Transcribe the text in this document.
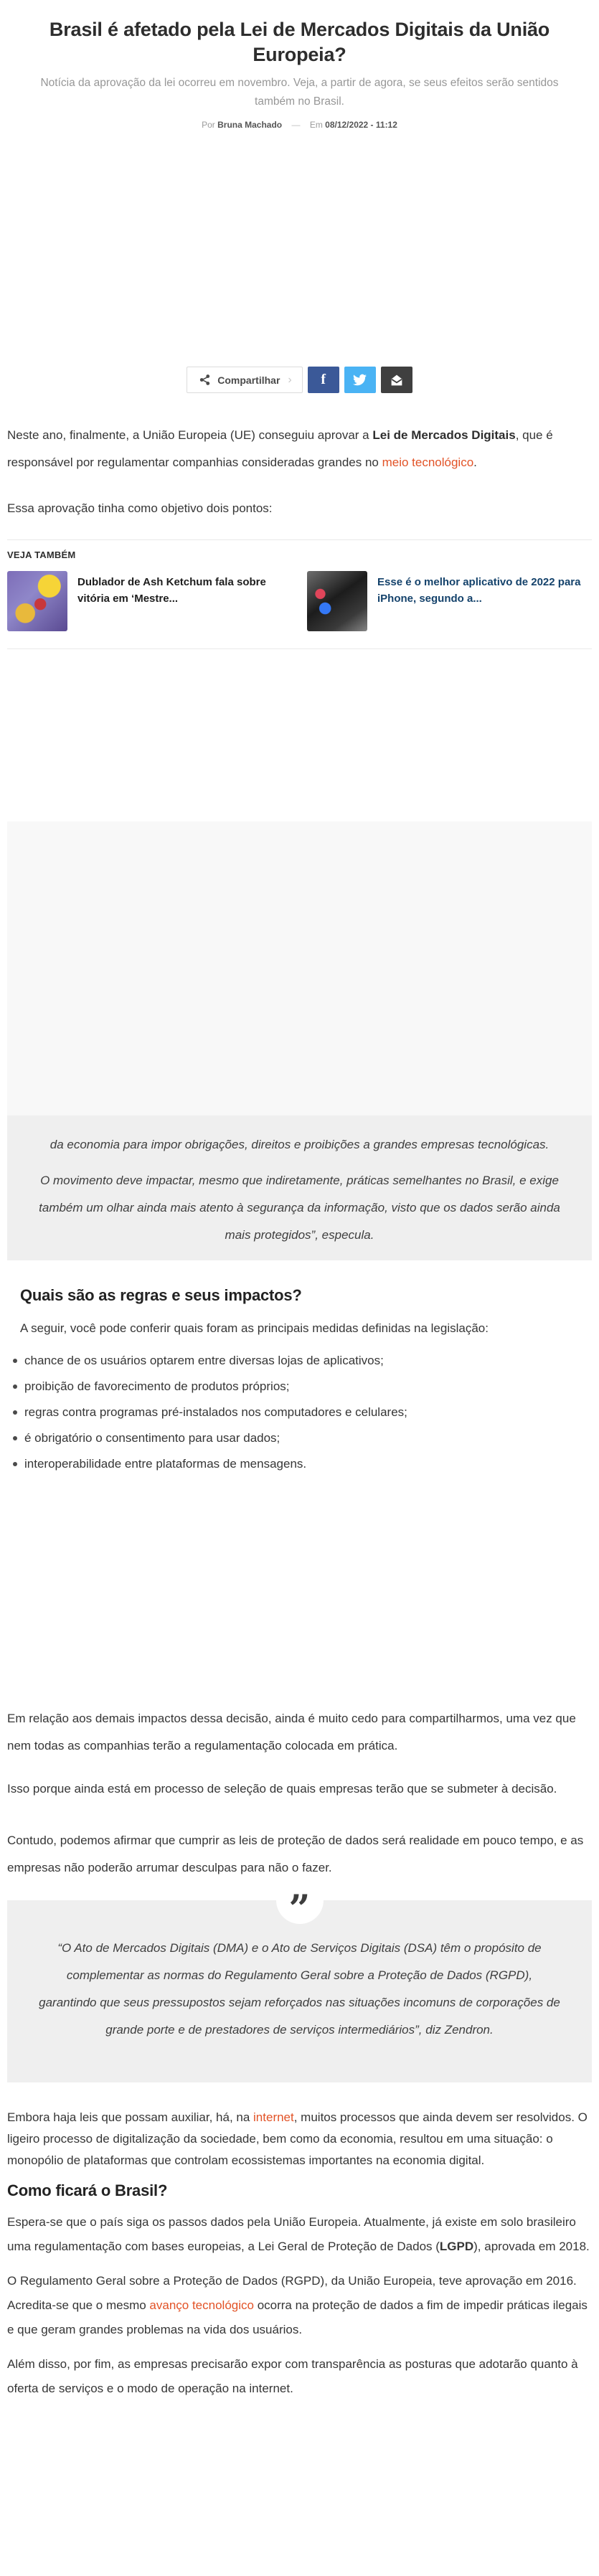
Brasil é afetado pela Lei de Mercados Digitais da União Europeia?

Notícia da aprovação da lei ocorreu em novembro. Veja, a partir de agora, se seus efeitos serão sentidos também no Brasil.

Por Bruna Machado — Em 08/12/2022 - 11:12
Compartilhar › f

Neste ano, finalmente, a União Europeia (UE) conseguiu aprovar a Lei de Mercados Digitais, que é responsável por regulamentar companhias consideradas grandes no meio tecnológico.

Essa aprovação tinha como objetivo dois pontos:

VEJA TAMBÉM
Dublador de Ash Ketchum fala sobre vitória em ‘Mestre...
Esse é o melhor aplicativo de 2022 para iPhone, segundo a...

da economia para impor obrigações, direitos e proibições a grandes empresas tecnológicas.

O movimento deve impactar, mesmo que indiretamente, práticas semelhantes no Brasil, e exige também um olhar ainda mais atento à segurança da informação, visto que os dados serão ainda mais protegidos”, especula.

Quais são as regras e seus impactos?

A seguir, você pode conferir quais foram as principais medidas definidas na legislação:

chance de os usuários optarem entre diversas lojas de aplicativos;
proibição de favorecimento de produtos próprios;
regras contra programas pré-instalados nos computadores e celulares;
é obrigatório o consentimento para usar dados;
interoperabilidade entre plataformas de mensagens.

Em relação aos demais impactos dessa decisão, ainda é muito cedo para compartilharmos, uma vez que nem todas as companhias terão a regulamentação colocada em prática.

Isso porque ainda está em processo de seleção de quais empresas terão que se submeter à decisão.

Contudo, podemos afirmar que cumprir as leis de proteção de dados será realidade em pouco tempo, e as empresas não poderão arrumar desculpas para não o fazer.

”

“O Ato de Mercados Digitais (DMA) e o Ato de Serviços Digitais (DSA) têm o propósito de complementar as normas do Regulamento Geral sobre a Proteção de Dados (RGPD), garantindo que seus pressupostos sejam reforçados nas situações incomuns de corporações de grande porte e de prestadores de serviços intermediários”, diz Zendron.

Embora haja leis que possam auxiliar, há, na internet, muitos processos que ainda devem ser resolvidos. O ligeiro processo de digitalização da sociedade, bem como da economia, resultou em uma situação: o monopólio de plataformas que controlam ecossistemas importantes na economia digital.

Como ficará o Brasil?

Espera-se que o país siga os passos dados pela União Europeia. Atualmente, já existe em solo brasileiro uma regulamentação com bases europeias, a Lei Geral de Proteção de Dados (LGPD), aprovada em 2018.

O Regulamento Geral sobre a Proteção de Dados (RGPD), da União Europeia, teve aprovação em 2016. Acredita-se que o mesmo avanço tecnológico ocorra na proteção de dados a fim de impedir práticas ilegais e que geram grandes problemas na vida dos usuários.

Além disso, por fim, as empresas precisarão expor com transparência as posturas que adotarão quanto à oferta de serviços e o modo de operação na internet.
